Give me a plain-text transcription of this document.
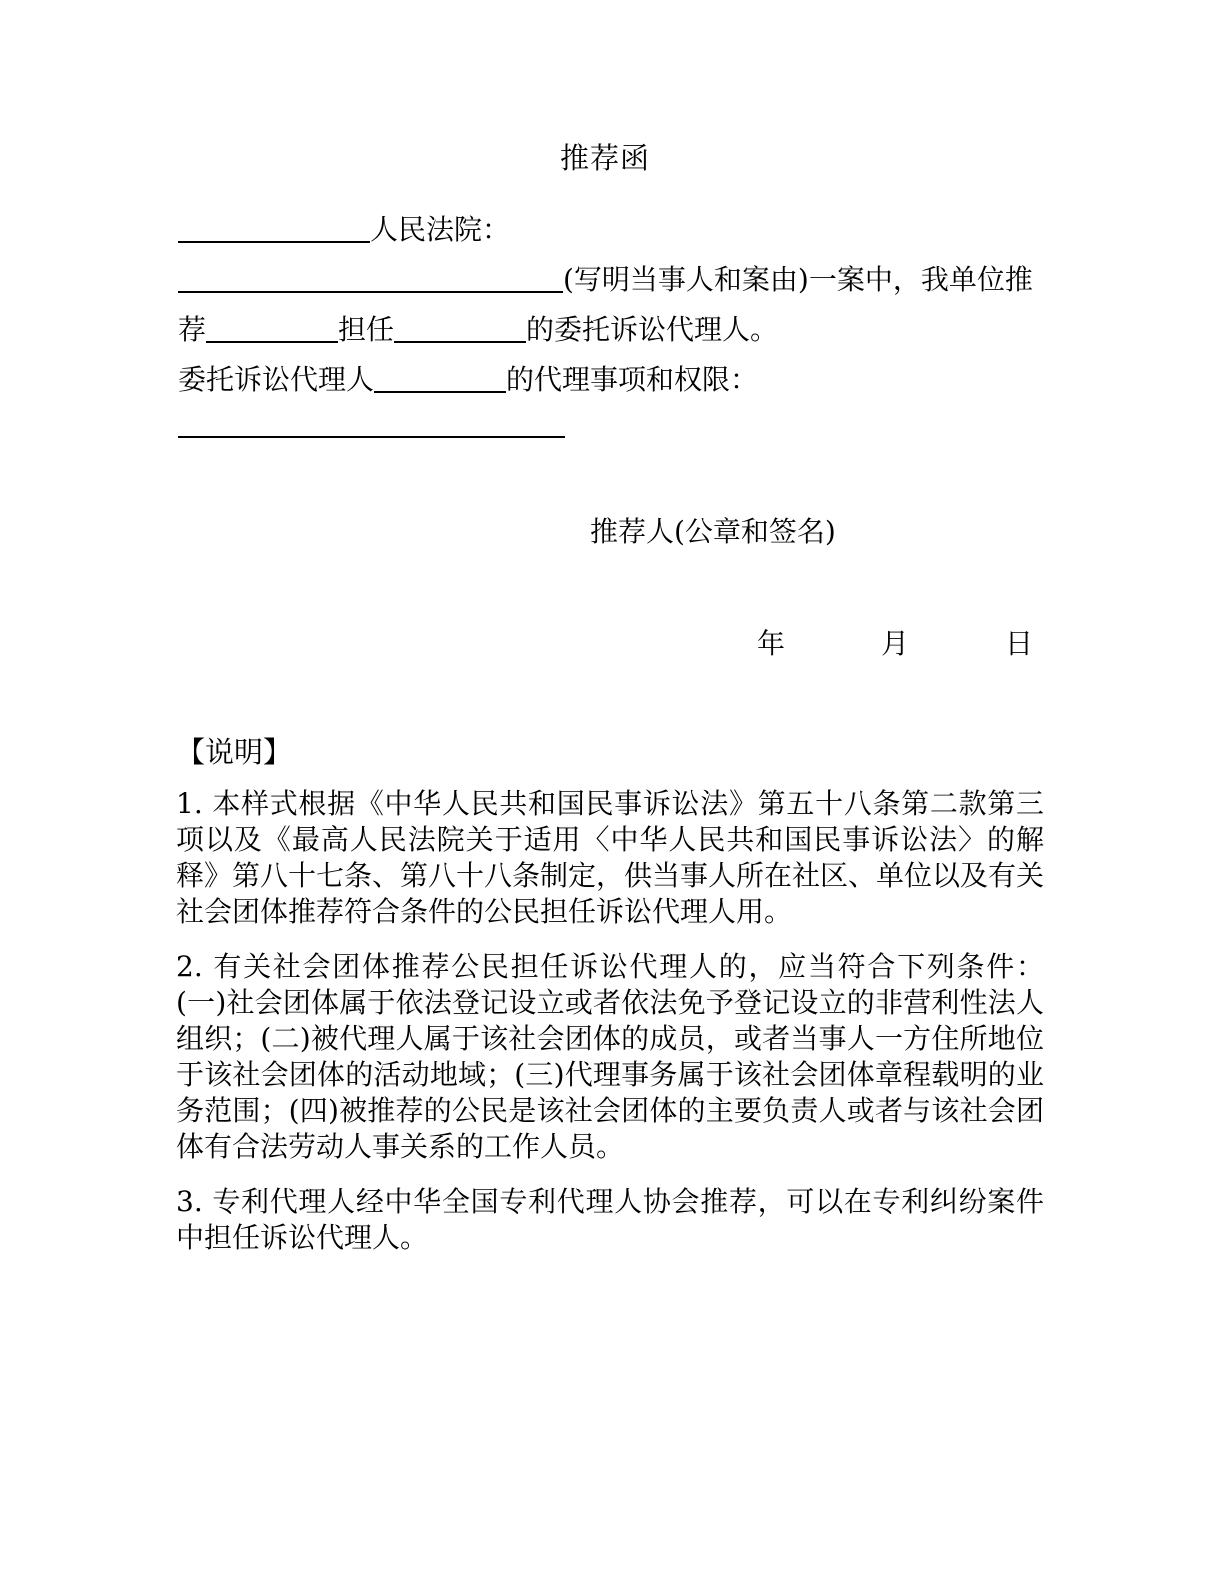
推荐函
人民法院：

(写明当事人和案由)一案中，我单位推荐	担任	的委托诉讼代理人。

委托诉讼代理人	的代理事项和权限：
推荐人(公章和签名)
年	月	日
【说明】

1. 本样式根据《中华人民共和国民事诉讼法》第五十八条第二款第三项以及《最高人民法院关于适用〈中华人民共和国民事诉讼法〉的解释》第八十七条、第八十八条制定，供当事人所在社区、单位以及有关社会团体推荐符合条件的公民担任诉讼代理人用。

2. 有关社会团体推荐公民担任诉讼代理人的，应当符合下列条件：(一)社会团体属于依法登记设立或者依法免予登记设立的非营利性法人组织；(二)被代理人属于该社会团体的成员，或者当事人一方住所地位于该社会团体的活动地域；(三)代理事务属于该社会团体章程载明的业务范围；(四)被推荐的公民是该社会团体的主要负责人或者与该社会团体有合法劳动人事关系的工作人员。

3. 专利代理人经中华全国专利代理人协会推荐，可以在专利纠纷案件中担任诉讼代理人。
